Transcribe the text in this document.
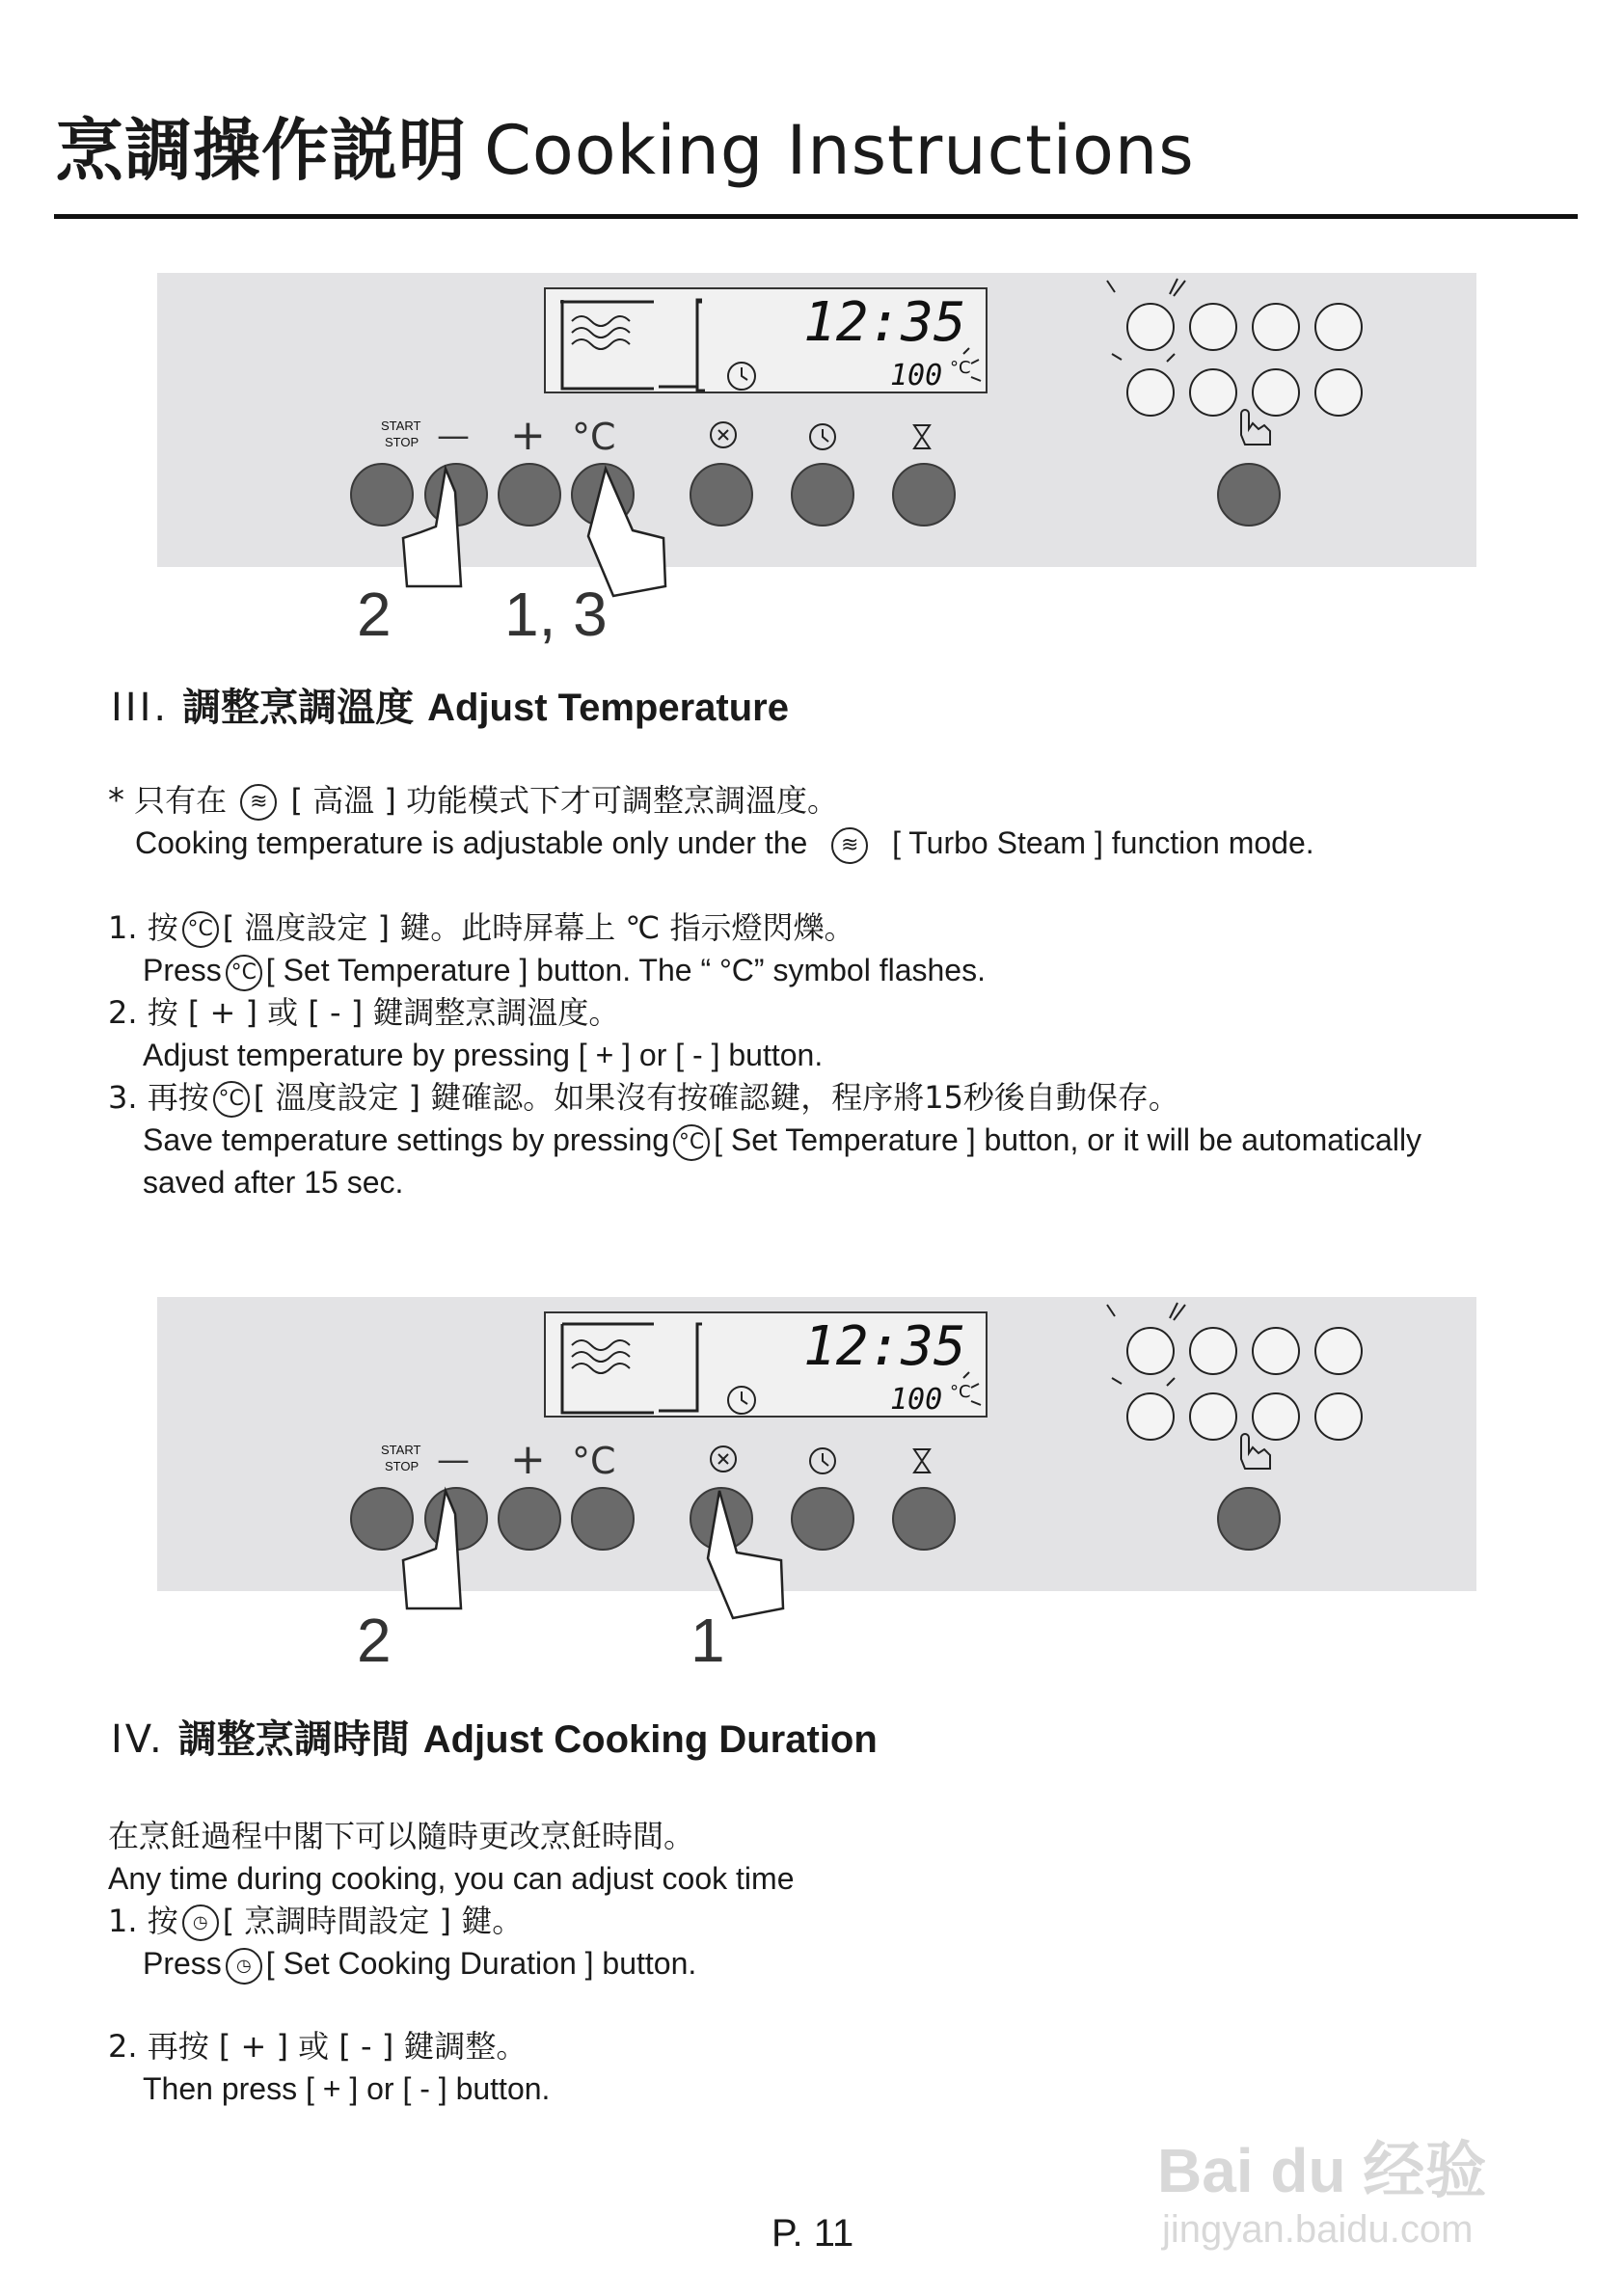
烹調操作説明 Cooking Instructions
12:35
100 °C
START
STOP — + °C
2 1, 3
III. 調整烹調溫度 Adjust Temperature
* 只有在 ≋ [ 高溫 ] 功能模式下才可調整烹調溫度。
Cooking temperature is adjustable only under the ≋ [ Turbo Steam ] function mode.
1. 按 °C [ 溫度設定 ] 鍵。此時屏幕上 ℃ 指示燈閃爍。
Press °C [ Set Temperature ] button. The “ °C” symbol flashes.
2. 按 [ + ] 或 [ - ] 鍵調整烹調溫度。
Adjust temperature by pressing [ + ] or [ - ] button.
3. 再按 °C [ 溫度設定 ] 鍵確認。如果沒有按確認鍵，程序將15秒後自動保存。
Save temperature settings by pressing °C [ Set Temperature ] button, or it will be automatically
saved after 15 sec.
12:35
100 °C
START
STOP — + °C
2	1
IV. 調整烹調時間 Adjust Cooking Duration
在烹飪過程中閣下可以隨時更改烹飪時間。
Any time during cooking, you can adjust cook time
1. 按 ◷ [ 烹調時間設定 ] 鍵。
Press ◷ [ Set Cooking Duration ] button.
2. 再按 [ + ] 或 [ - ] 鍵調整。
Then press [ + ] or [ - ] button.
P. 11
Bai du 经验
jingyan.baidu.com
